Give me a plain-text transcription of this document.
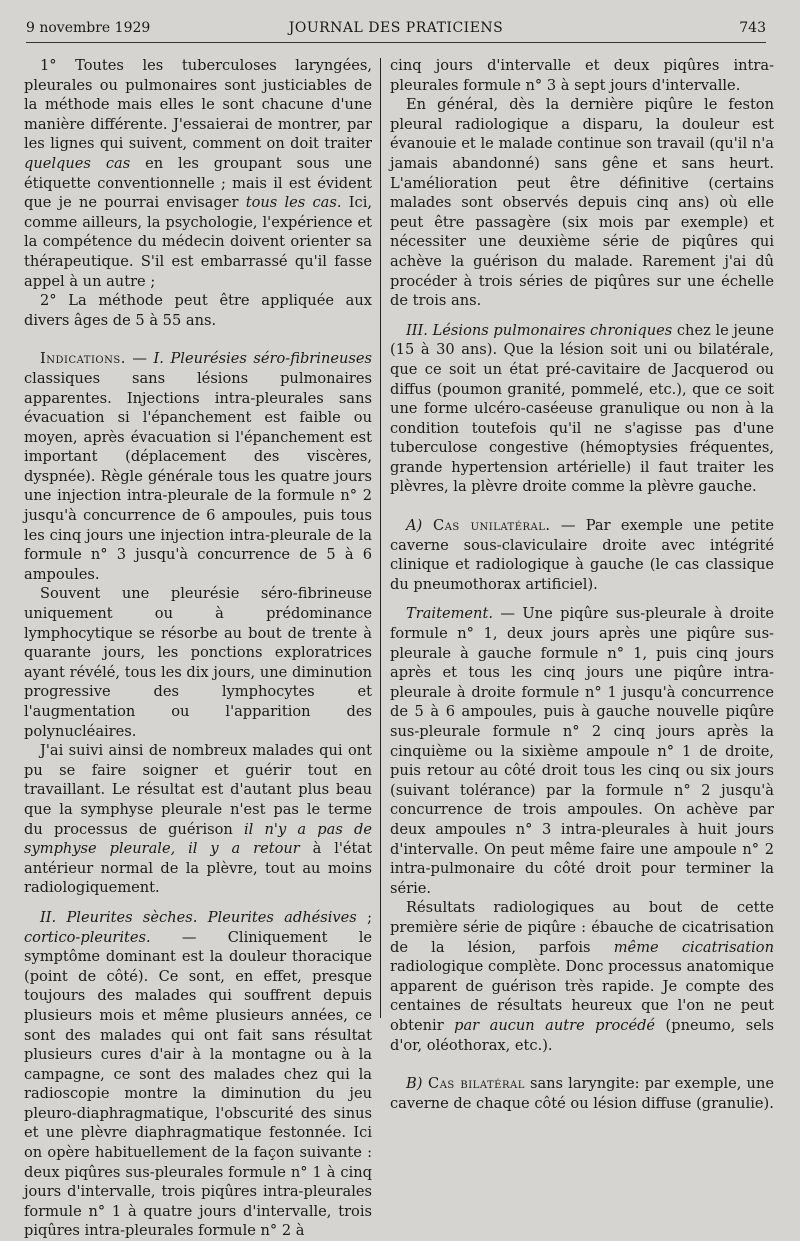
9 novembre 1929	JOURNAL DES PRATICIENS	743

1° Toutes les tuberculoses laryngées, pleurales ou pulmonaires sont justiciables de la méthode mais elles le sont chacune d'une manière différente. J'essaierai de montrer, par les lignes qui suivent, comment on doit traiter quelques cas en les groupant sous une étiquette conventionnelle ; mais il est évident que je ne pourrai envisager tous les cas. Ici, comme ailleurs, la psychologie, l'expérience et la compétence du médecin doivent orienter sa thérapeutique. S'il est embarrassé qu'il fasse appel à un autre ;

2° La méthode peut être appliquée aux divers âges de 5 à 55 ans.

Indications. — I. Pleurésies séro-fibrineuses classiques sans lésions pulmonaires apparentes. Injections intra-pleurales sans évacuation si l'épanchement est faible ou moyen, après évacuation si l'épanchement est important (déplacement des viscères, dyspnée). Règle générale tous les quatre jours une injection intra-pleurale de la formule n° 2 jusqu'à concurrence de 6 ampoules, puis tous les cinq jours une injection intra-pleurale de la formule n° 3 jusqu'à concurrence de 5 à 6 ampoules.

Souvent une pleurésie séro-fibrineuse uniquement ou à prédominance lymphocytique se résorbe au bout de trente à quarante jours, les ponctions exploratrices ayant révélé, tous les dix jours, une diminution progressive des lymphocytes et l'augmentation ou l'apparition des polynucléaires.

J'ai suivi ainsi de nombreux malades qui ont pu se faire soigner et guérir tout en travaillant. Le résultat est d'autant plus beau que la symphyse pleurale n'est pas le terme du processus de guérison il n'y a pas de symphyse pleurale, il y a retour à l'état antérieur normal de la plèvre, tout au moins radiologiquement.

II. Pleurites sèches. Pleurites adhésives ; cortico-pleurites. — Cliniquement le symptôme dominant est la douleur thoracique (point de côté). Ce sont, en effet, presque toujours des malades qui souffrent depuis plusieurs mois et même plusieurs années, ce sont des malades qui ont fait sans résultat plusieurs cures d'air à la montagne ou à la campagne, ce sont des malades chez qui la radioscopie montre la diminution du jeu pleuro-diaphragmatique, l'obscurité des sinus et une plèvre diaphragmatique festonnée. Ici on opère habituellement de la façon suivante : deux piqûres sus-pleurales formule n° 1 à cinq jours d'intervalle, trois piqûres intra-pleurales formule n° 1 à quatre jours d'intervalle, trois piqûres intra-pleurales formule n° 2 à

cinq jours d'intervalle et deux piqûres intra-pleurales formule n° 3 à sept jours d'intervalle.

En général, dès la dernière piqûre le feston pleural radiologique a disparu, la douleur est évanouie et le malade continue son travail (qu'il n'a jamais abandonné) sans gêne et sans heurt. L'amélioration peut être définitive (certains malades sont observés depuis cinq ans) où elle peut être passagère (six mois par exemple) et nécessiter une deuxième série de piqûres qui achève la guérison du malade. Rarement j'ai dû procéder à trois séries de piqûres sur une échelle de trois ans.

III. Lésions pulmonaires chroniques chez le jeune (15 à 30 ans). Que la lésion soit uni ou bilatérale, que ce soit un état pré-cavitaire de Jacquerod ou diffus (poumon granité, pommelé, etc.), que ce soit une forme ulcéro-caséeuse granulique ou non à la condition toutefois qu'il ne s'agisse pas d'une tuberculose congestive (hémoptysies fréquentes, grande hypertension artérielle) il faut traiter les plèvres, la plèvre droite comme la plèvre gauche.

A) Cas unilatéral. — Par exemple une petite caverne sous-claviculaire droite avec intégrité clinique et radiologique à gauche (le cas classique du pneumothorax artificiel).

Traitement. — Une piqûre sus-pleurale à droite formule n° 1, deux jours après une piqûre sus-pleurale à gauche formule n° 1, puis cinq jours après et tous les cinq jours une piqûre intra-pleurale à droite formule n° 1 jusqu'à concurrence de 5 à 6 ampoules, puis à gauche nouvelle piqûre sus-pleurale formule n° 2 cinq jours après la cinquième ou la sixième ampoule n° 1 de droite, puis retour au côté droit tous les cinq ou six jours (suivant tolérance) par la formule n° 2 jusqu'à concurrence de trois ampoules. On achève par deux ampoules n° 3 intra-pleurales à huit jours d'intervalle. On peut même faire une ampoule n° 2 intra-pulmonaire du côté droit pour terminer la série.

Résultats radiologiques au bout de cette première série de piqûre : ébauche de cicatrisation de la lésion, parfois même cicatrisation radiologique complète. Donc processus anatomique apparent de guérison très rapide. Je compte des centaines de résultats heureux que l'on ne peut obtenir par aucun autre procédé (pneumo, sels d'or, oléothorax, etc.).

B) Cas bilatéral sans laryngite: par exemple, une caverne de chaque côté ou lésion diffuse (granulie).
